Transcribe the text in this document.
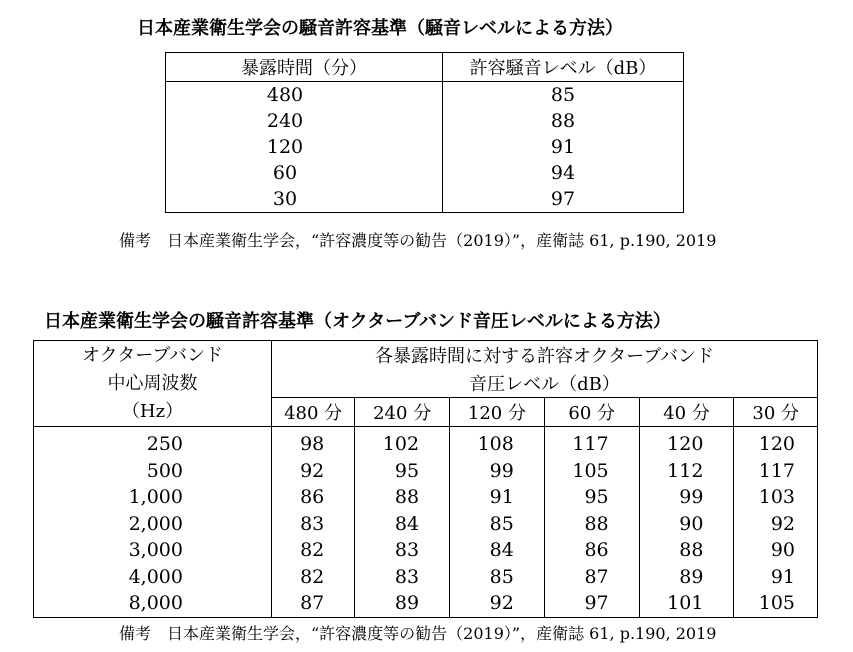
日本産業衛生学会の騒音許容基準（騒音レベルによる方法）
暴露時間（分）	許容騒音レベル（dB）
480	85
240	88
120	91
60	94
30	97
備考　日本産業衛生学会，“許容濃度等の勧告（2019）”，産衛誌 61, p.190, 2019
日本産業衛生学会の騒音許容基準（オクターブバンド音圧レベルによる方法）
オクターブバンド
中心周波数
（Hz）	各暴露時間に対する許容オクターブバンド					
	音圧レベル（dB）					
	480 分	240 分	120 分	60 分	40 分	30 分
250	98	102	108	117	120	120
500	92	95	99	105	112	117
1,000	86	88	91	95	99	103
2,000	83	84	85	88	90	92
3,000	82	83	84	86	88	90
4,000	82	83	85	87	89	91
8,000	87	89	92	97	101	105
備考　日本産業衛生学会，“許容濃度等の勧告（2019）”，産衛誌 61, p.190, 2019
